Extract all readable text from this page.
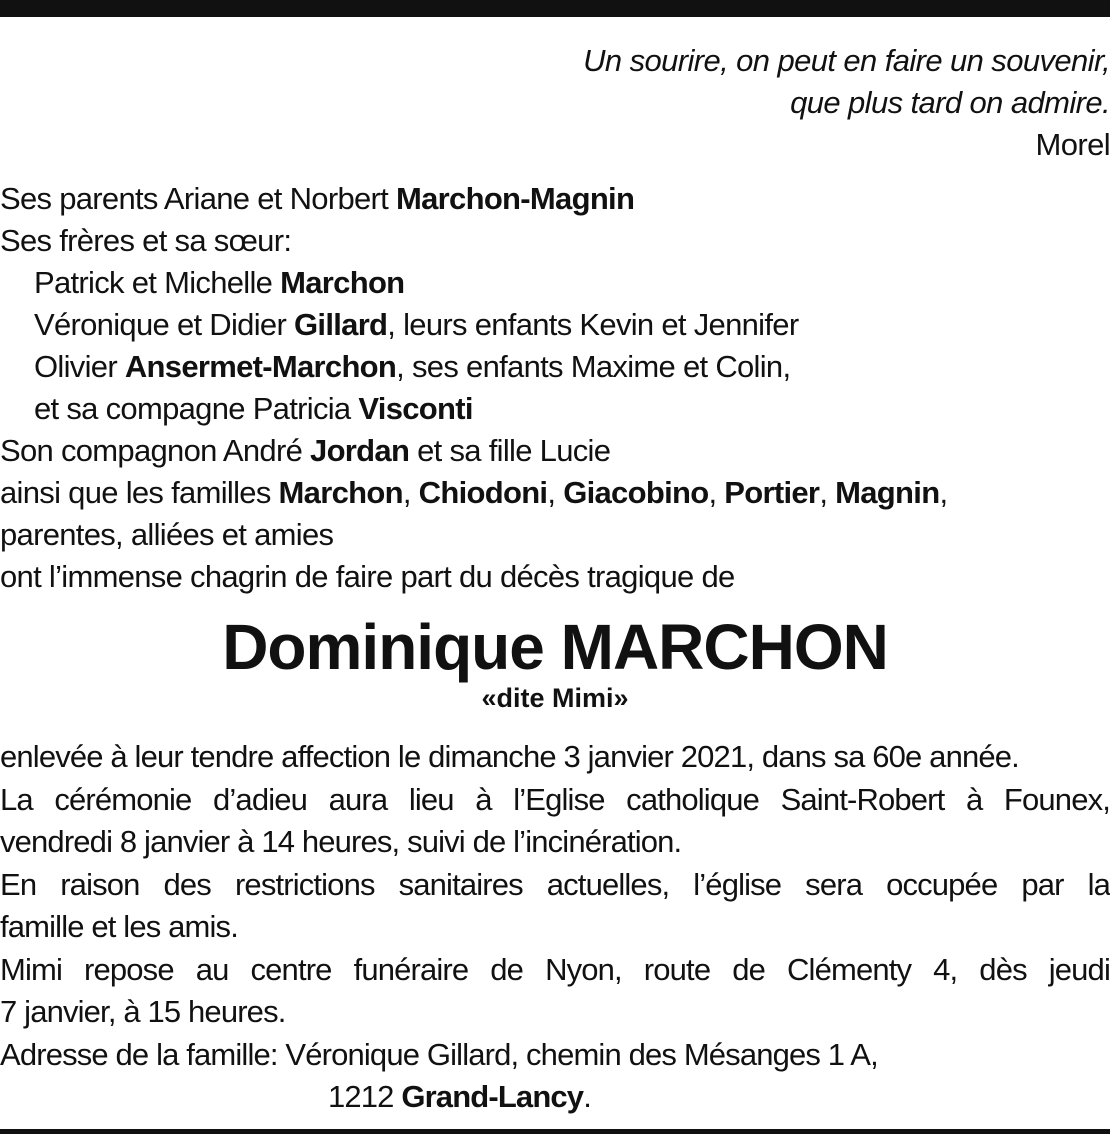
Un sourire, on peut en faire un souvenir,
que plus tard on admire.
Morel
Ses parents Ariane et Norbert Marchon-Magnin
Ses frères et sa sœur:
Patrick et Michelle Marchon
Véronique et Didier Gillard, leurs enfants Kevin et Jennifer
Olivier Ansermet-Marchon, ses enfants Maxime et Colin,
et sa compagne Patricia Visconti
Son compagnon André Jordan et sa fille Lucie
ainsi que les familles Marchon, Chiodoni, Giacobino, Portier, Magnin,
parentes, alliées et amies
ont l’immense chagrin de faire part du décès tragique de
Dominique MARCHON
«dite Mimi»
enlevée à leur tendre affection le dimanche 3 janvier 2021, dans sa 60e année.
La cérémonie d’adieu aura lieu à l’Eglise catholique Saint-Robert à Founex,
vendredi 8 janvier à 14 heures, suivi de l’incinération.
En raison des restrictions sanitaires actuelles, l’église sera occupée par la
famille et les amis.
Mimi repose au centre funéraire de Nyon, route de Clémenty 4, dès jeudi
7 janvier, à 15 heures.
Adresse de la famille: Véronique Gillard, chemin des Mésanges 1 A,
1212 Grand-Lancy.
